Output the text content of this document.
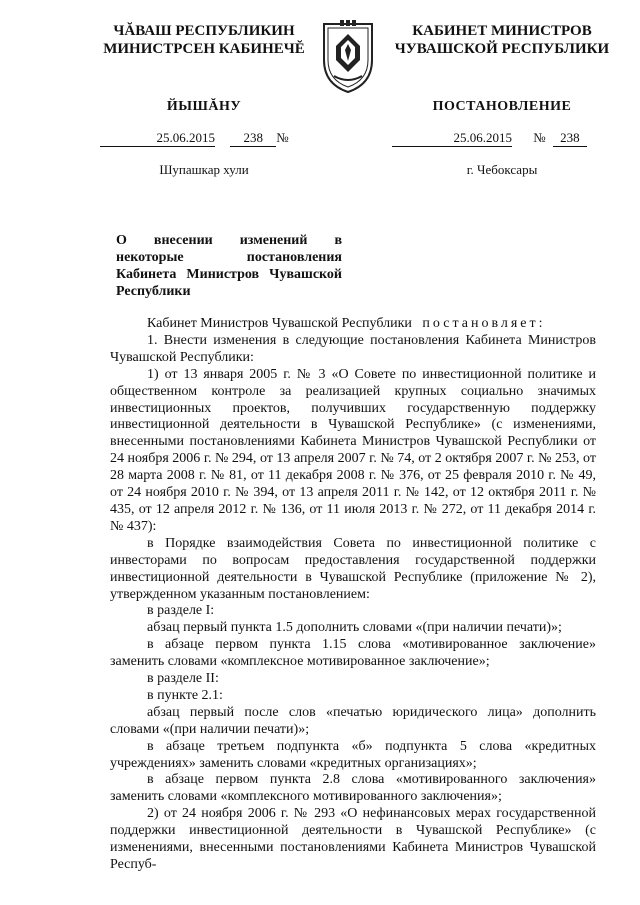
ЧĂВАШ РЕСПУБЛИКИН
МИНИСТРСЕН КАБИНЕЧĔ
ЙЫШĂНУ
КАБИНЕТ МИНИСТРОВ
ЧУВАШСКОЙ РЕСПУБЛИКИ
ПОСТАНОВЛЕНИЕ
25.06.2015 238 №	25.06.2015 № 238
Шупашкар хули	г. Чебоксары
О внесении изменений в некоторые постановления Кабинета Министров Чувашской Республики

Кабинет Министров Чувашской Республики постановляет:

1. Внести изменения в следующие постановления Кабинета Министров Чувашской Республики:

1) от 13 января 2005 г. № 3 «О Совете по инвестиционной политике и общественном контроле за реализацией крупных социально значимых инвестиционных проектов, получивших государственную поддержку инвестиционной деятельности в Чувашской Республике» (с изменениями, внесенными постановлениями Кабинета Министров Чувашской Республики от 24 ноября 2006 г. № 294, от 13 апреля 2007 г. № 74, от 2 октября 2007 г. № 253, от 28 марта 2008 г. № 81, от 11 декабря 2008 г. № 376, от 25 февраля 2010 г. № 49, от 24 ноября 2010 г. № 394, от 13 апреля 2011 г. № 142, от 12 октября 2011 г. № 435, от 12 апреля 2012 г. № 136, от 11 июля 2013 г. № 272, от 11 декабря 2014 г. № 437):

в Порядке взаимодействия Совета по инвестиционной политике с инвесторами по вопросам предоставления государственной поддержки инвестиционной деятельности в Чувашской Республике (приложение № 2), утвержденном указанным постановлением:

в разделе I:

абзац первый пункта 1.5 дополнить словами «(при наличии печати)»;

в абзаце первом пункта 1.15 слова «мотивированное заключение» заменить словами «комплексное мотивированное заключение»;

в разделе II:

в пункте 2.1:

абзац первый после слов «печатью юридического лица» дополнить словами «(при наличии печати)»;

в абзаце третьем подпункта «б» подпункта 5 слова «кредитных учреждениях» заменить словами «кредитных организациях»;

в абзаце первом пункта 2.8 слова «мотивированного заключения» заменить словами «комплексного мотивированного заключения»;

2) от 24 ноября 2006 г. № 293 «О нефинансовых мерах государственной поддержки инвестиционной деятельности в Чувашской Республике» (с изменениями, внесенными постановлениями Кабинета Министров Чувашской Респуб-
